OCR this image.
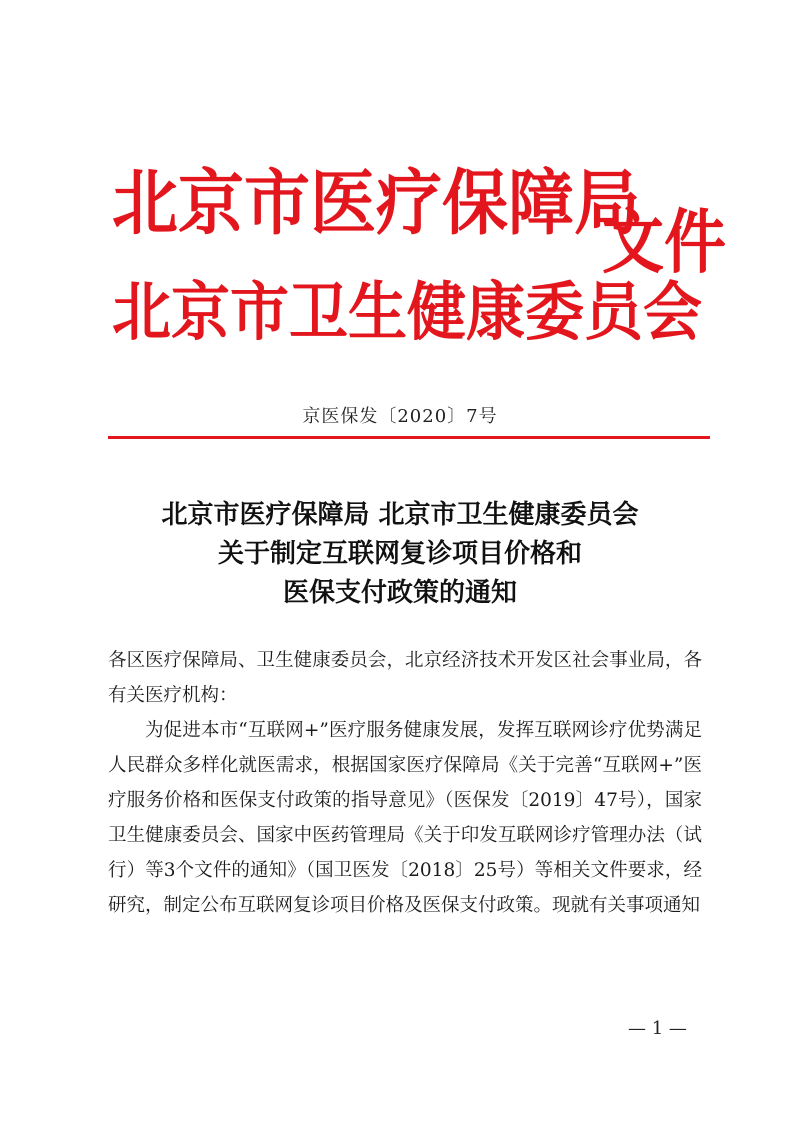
北京市医疗保障局
北京市卫生健康委员会
文件
京医保发〔2020〕7号
北京市医疗保障局 北京市卫生健康委员会
关于制定互联网复诊项目价格和
医保支付政策的通知
各区医疗保障局、卫生健康委员会，北京经济技术开发区社会事业局，各有关医疗机构：
为促进本市“互联网+”医疗服务健康发展，发挥互联网诊疗优势满足人民群众多样化就医需求，根据国家医疗保障局《关于完善“互联网+”医疗服务价格和医保支付政策的指导意见》（医保发〔2019〕47号），国家卫生健康委员会、国家中医药管理局《关于印发互联网诊疗管理办法（试行）等3个文件的通知》（国卫医发〔2018〕25号）等相关文件要求，经研究，制定公布互联网复诊项目价格及医保支付政策。现就有关事项通知
— 1 —
